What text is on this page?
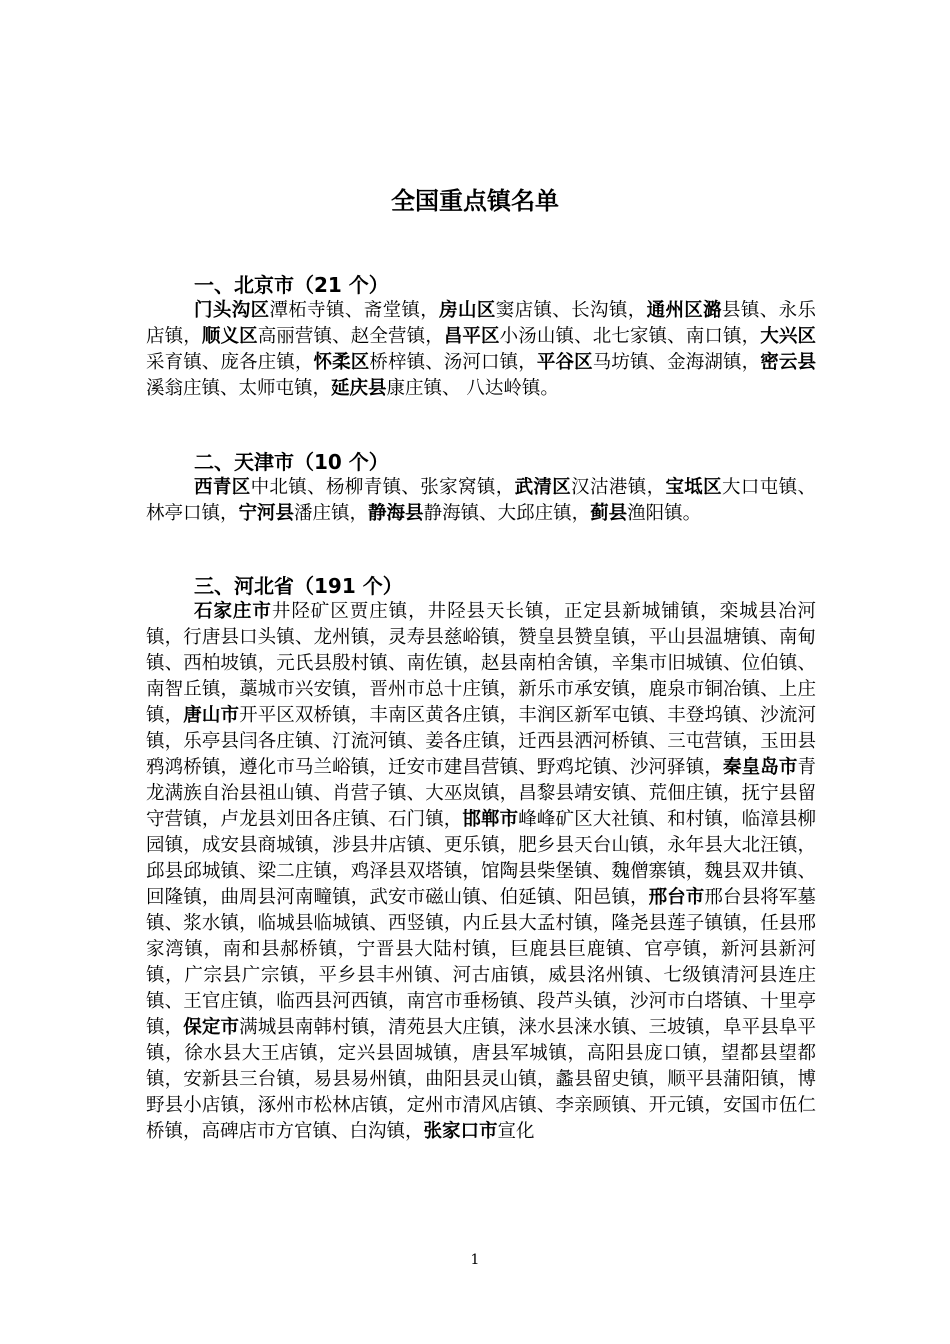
全国重点镇名单

一、北京市（21 个）

门头沟区潭柘寺镇、斋堂镇，房山区窦店镇、长沟镇，通州区潞县镇、永乐店镇，顺义区高丽营镇、赵全营镇，昌平区小汤山镇、北七家镇、南口镇，大兴区采育镇、庞各庄镇，怀柔区桥梓镇、汤河口镇，平谷区马坊镇、金海湖镇，密云县溪翁庄镇、太师屯镇，延庆县康庄镇、 八达岭镇。

二、天津市（10 个）

西青区中北镇、杨柳青镇、张家窝镇，武清区汉沽港镇，宝坻区大口屯镇、林亭口镇，宁河县潘庄镇，静海县静海镇、大邱庄镇，蓟县渔阳镇。

三、河北省（191 个）

石家庄市井陉矿区贾庄镇，井陉县天长镇，正定县新城铺镇，栾城县冶河镇，行唐县口头镇、龙州镇，灵寿县慈峪镇，赞皇县赞皇镇，平山县温塘镇、南甸镇、西柏坡镇，元氏县殷村镇、南佐镇，赵县南柏舍镇，辛集市旧城镇、位伯镇、南智丘镇，藁城市兴安镇，晋州市总十庄镇，新乐市承安镇，鹿泉市铜冶镇、上庄镇，唐山市开平区双桥镇，丰南区黄各庄镇，丰润区新军屯镇、丰登坞镇、沙流河镇，乐亭县闫各庄镇、汀流河镇、姜各庄镇，迁西县洒河桥镇、三屯营镇，玉田县鸦鸿桥镇，遵化市马兰峪镇，迁安市建昌营镇、野鸡坨镇、沙河驿镇，秦皇岛市青龙满族自治县祖山镇、肖营子镇、大巫岚镇，昌黎县靖安镇、荒佃庄镇，抚宁县留守营镇，卢龙县刘田各庄镇、石门镇，邯郸市峰峰矿区大社镇、和村镇，临漳县柳园镇，成安县商城镇，涉县井店镇、更乐镇，肥乡县天台山镇，永年县大北汪镇，邱县邱城镇、梁二庄镇，鸡泽县双塔镇，馆陶县柴堡镇、魏僧寨镇，魏县双井镇、回隆镇，曲周县河南疃镇，武安市磁山镇、伯延镇、阳邑镇，邢台市邢台县将军墓镇、浆水镇，临城县临城镇、西竖镇，内丘县大孟村镇，隆尧县莲子镇镇，任县邢家湾镇，南和县郝桥镇，宁晋县大陆村镇，巨鹿县巨鹿镇、官亭镇，新河县新河镇，广宗县广宗镇，平乡县丰州镇、河古庙镇，威县洺州镇、七级镇清河县连庄镇、王官庄镇，临西县河西镇，南宫市垂杨镇、段芦头镇，沙河市白塔镇、十里亭镇，保定市满城县南韩村镇，清苑县大庄镇，涞水县涞水镇、三坡镇，阜平县阜平镇，徐水县大王店镇，定兴县固城镇，唐县军城镇，高阳县庞口镇，望都县望都镇，安新县三台镇，易县易州镇，曲阳县灵山镇，蠡县留史镇，顺平县蒲阳镇，博野县小店镇，涿州市松林店镇，定州市清风店镇、李亲顾镇、开元镇，安国市伍仁桥镇，高碑店市方官镇、白沟镇，张家口市宣化

1
